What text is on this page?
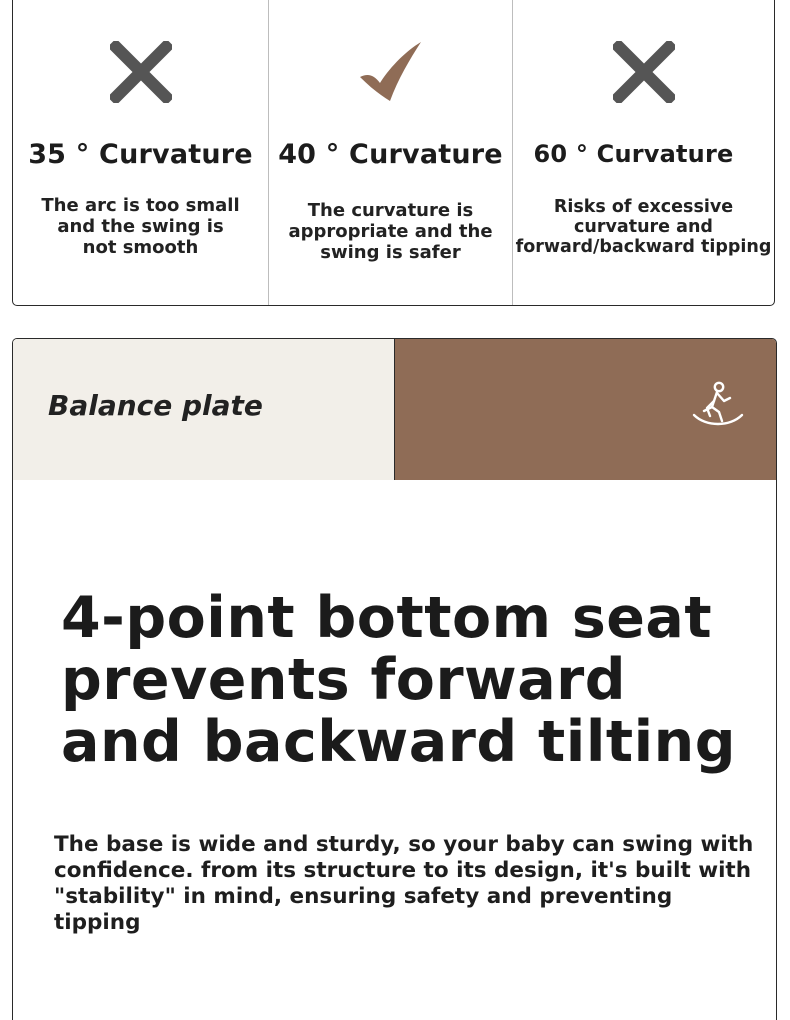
35 ° Curvature
The arc is too small
and the swing is
not smooth
40 ° Curvature
The curvature is
appropriate and the
swing is safer
60 ° Curvature
Risks of excessive
curvature and
forward/backward tipping
Balance plate
4-point bottom seat
prevents forward
and backward tilting
The base is wide and sturdy, so your baby can swing with
confidence. from its structure to its design, it's built with
"stability" in mind, ensuring safety and preventing tipping
